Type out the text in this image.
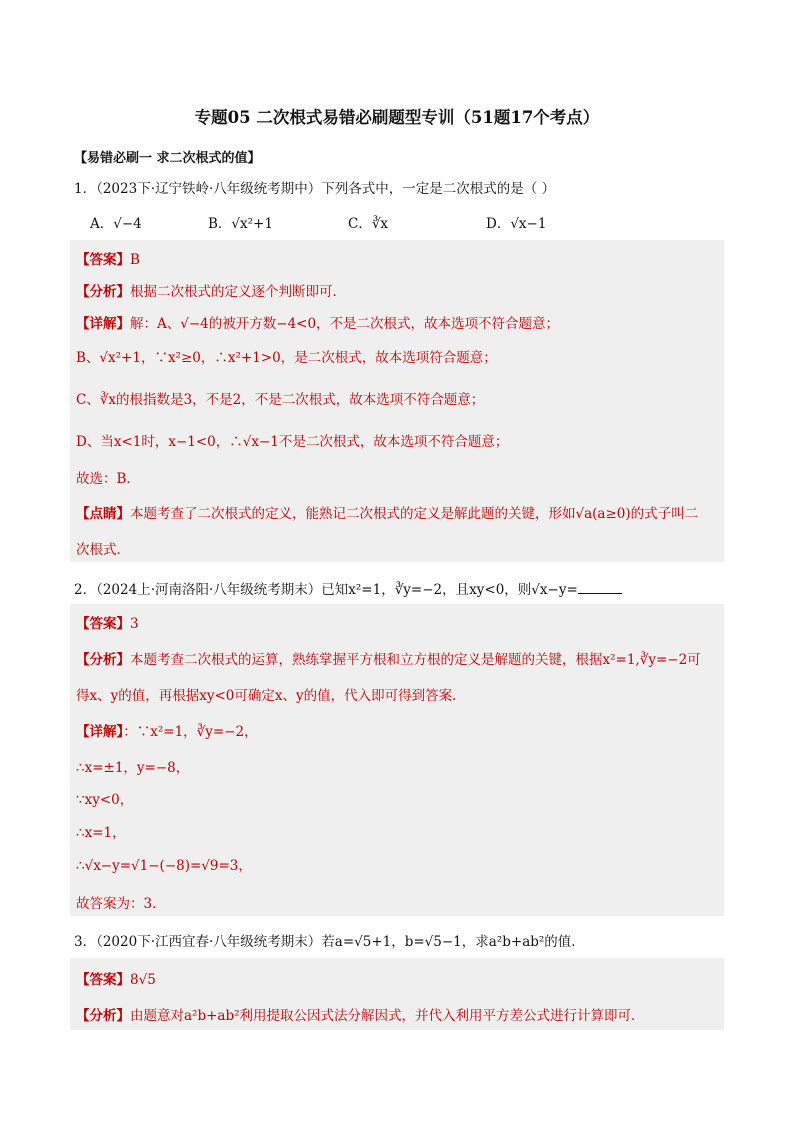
专题05 二次根式易错必刷题型专训（51题17个考点）
【易错必刷一 求二次根式的值】
1．（2023下·辽宁铁岭·八年级统考期中）下列各式中，一定是二次根式的是（ ）
A．√−4	B．√x²+1	C．∛x	D．√x−1
【答案】B
【分析】根据二次根式的定义逐个判断即可．
【详解】解：A、√−4的被开方数−4<0，不是二次根式，故本选项不符合题意；
B、√x²+1，∵x²≥0，∴x²+1>0，是二次根式，故本选项符合题意；
C、∛x的根指数是3，不是2，不是二次根式，故本选项不符合题意；
D、当x<1时，x−1<0，∴√x−1不是二次根式，故本选项不符合题意；
故选：B．
【点睛】本题考查了二次根式的定义，能熟记二次根式的定义是解此题的关键，形如√a(a≥0)的式子叫二
次根式．
2．（2024上·河南洛阳·八年级统考期末）已知x²=1，∛y=−2，且xy<0，则√x−y=
【答案】3
【分析】本题考查二次根式的运算，熟练掌握平方根和立方根的定义是解题的关键，根据x²=1,∛y=−2可
得x、y的值，再根据xy<0可确定x、y的值，代入即可得到答案．
【详解】：∵x²=1，∛y=−2，
∴x=±1，y=−8，
∵xy<0，
∴x=1，
∴√x−y=√1−(−8)=√9=3，
故答案为：3．
3．（2020下·江西宜春·八年级统考期末）若a=√5+1，b=√5−1，求a²b+ab²的值．
【答案】8√5
【分析】由题意对a²b+ab²利用提取公因式法分解因式，并代入利用平方差公式进行计算即可．
